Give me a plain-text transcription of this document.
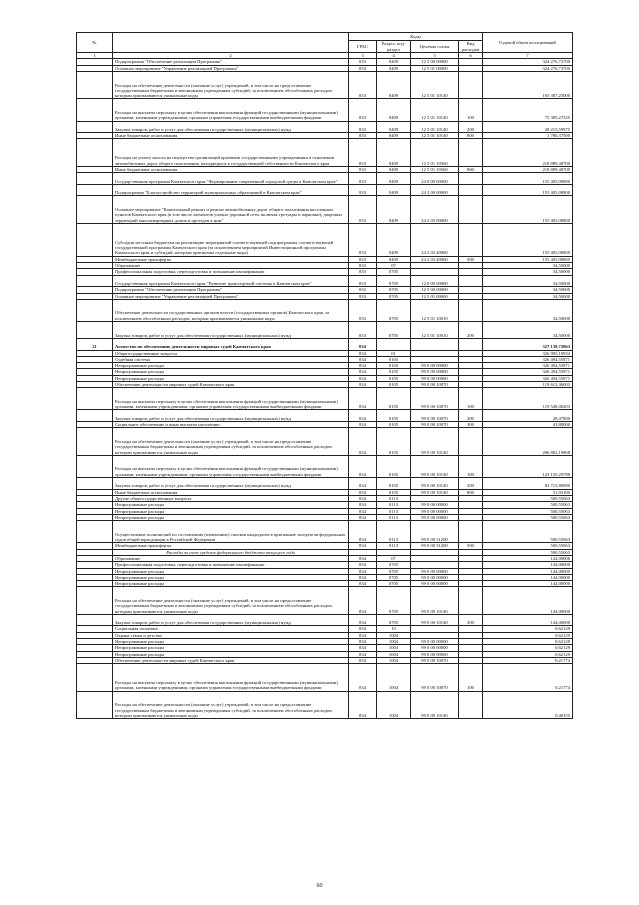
№		Коды				Годовой объем ассигнований
		ГРБС	Раздел, под-раздел	Целевая статья	Вид расходов	
1	2	3	4	5	6	7
	Подпрограмма "Обеспечение реализации Программы"	833	0409	12 5 00 00000		324 276,73700
	Основное мероприятие "Управление реализацией Программы"	833	0409	12 5 01 00000		324 276,73700
	Расходы на обеспечение деятельности (оказание услуг) учреждений, в том числе на предоставление государственным бюджетным и автономным учреждениям субсидий, за исключением обособленных расходов, которым присваиваются уникальные коды	833	0409	12 5 01 10140		105 387,25000
	Расходы на выплаты персоналу в целях обеспечения выполнения функций государственными (муниципальными) органами, казенными учреждениями, органами управления государственными внебюджетными фондами	833	0409	12 5 01 10140	100	75 385,27525
	Закупка товаров, работ и услуг для обеспечения государственных (муниципальных) нужд	833	0409	12 5 01 10140	200	28 215,59975
	Иные бюджетные ассигнования	833	0409	12 5 01 10140	800	1 786,37500
	Расходы на уплату налога на имущество организаций краевыми государственными учреждениями в отношении автомобильных дорог общего пользования, находящихся в государственной собственности Камчатского края	833	0409	12 5 01 10560		218 889,48700
	Иные бюджетные ассигнования	833	0409	12 5 01 10560	800	218 889,48700
	Государственная программа Камчатского края "Формирование современной городской среды в Камчатском крае"	833	0409	24 0 00 00000		155 405,08800
	Подпрограмма "Благоустройство территорий муниципальных образований в Камчатском крае"	833	0409	24 2 00 00000		155 405,08800
	Основное мероприятие "Капитальный ремонт и ремонт автомобильных дорог общего пользования населенных пунктов Камчатского края (в том числе элементов улично-дорожной сети, включая тротуары и парковки), дворовых территорий многоквартирных домов и проездов к ним"	833	0409	24 2 03 00000		155 405,08800
	Субсидии местным бюджетам на реализацию мероприятий соответствующей подпрограммы соответствующей государственной программы Камчатского края (за исключением мероприятий Инвестиционной программы Камчатского края и субсидий, которым присвоены отдельные коды)	833	0409	24 2 03 40060		155 405,08800
	Межбюджетные трансферты	833	0409	24 2 03 40060	500	155 405,08800
	Образование	833	07			34,50000
	Профессиональная подготовка, переподготовка и повышение квалификации	833	0705			34,50000
	Государственная программа Камчатского края "Развитие транспортной системы в Камчатском крае"	833	0705	12 0 00 00000		34,50000
	Подпрограмма "Обеспечение реализации Программы"	833	0705	12 5 00 00000		34,50000
	Основное мероприятие "Управление реализацией Программы"	833	0705	12 5 01 00000		34,50000
	Обеспечение деятельности государственных органов власти (государственных органов) Камчатского края, за исключением обособленных расходов, которым присваиваются уникальные коды	833	0705	12 5 01 10010		34,50000
	Закупка товаров, работ и услуг для обеспечения государственных (муниципальных) нужд	833	0705	12 5 01 10010	200	34,50000
21	Агентство по обеспечению деятельности мировых судей Камчатского края	834				327 139,72063
	Общегосударственные вопросы	834	01			326 995,10934
	Судебная система	834	0105			326 494,55871
	Непрограммные расходы	834	0105	99 0 00 00000		326 494,55871
	Непрограммные расходы	834	0105	99 0 00 00000		326 494,55871
	Непрограммные расходы	834	0105	99 0 00 00000		326 494,55871
	Обеспечение деятельности мировых судей Камчатского края	834	0105	99 0 00 10070		119 612,36003
	Расходы на выплаты персоналу в целях обеспечения выполнения функций государственными (муниципальными) органами, казенными учреждениями, органами управления государственными внебюджетными фондами	834	0105	99 0 00 10070	100	119 540,00203
	Закупка товаров, работ и услуг для обеспечения государственных (муниципальных) нужд	834	0105	99 0 00 10070	200	28,47800
	Социальное обеспечение и иные выплаты населению	834	0105	99 0 00 10070	300	43,88000
	Расходы на обеспечение деятельности (оказание услуг) учреждений, в том числе на предоставление государственным бюджетным и автономным учреждениям субсидий, за исключением обособленных расходов, которым присваиваются уникальные коды	834	0105	99 0 00 10140		206 882,19868
	Расходы на выплаты персоналу в целях обеспечения выполнения функций государственными (муниципальными) органами, казенными учреждениями, органами управления государственными внебюджетными фондами	834	0105	99 0 00 10140	100	123 135,29788
	Закупка товаров, работ и услуг для обеспечения государственных (муниципальных) нужд	834	0105	99 0 00 10140	200	83 715,86980
	Иные бюджетные ассигнования	834	0105	99 0 00 10140	800	31,03100
	Другие общегосударственные вопросы	834	0113			500,55063
	Непрограммные расходы	834	0113	99 0 00 00000		500,55063
	Непрограммные расходы	834	0113	99 0 00 00000		500,55063
	Непрограммные расходы	834	0113	99 0 00 00000		500,55063
	Осуществление полномочий по составлению (изменению) списков кандидатов в присяжные заседатели федеральных судов общей юрисдикции в Российской Федерации	834	0113	99 0 00 51200		500,55063
	Межбюджетные трансферты	834	0113	99 0 00 51200	500	500,55063
	Расходы за счет средств федерального бюджета текущего года					500,55063
	Образование	834	07			144,00000
	Профессиональная подготовка, переподготовка и повышение квалификации	834	0705			144,00000
	Непрограммные расходы	834	0705	99 0 00 00000		144,00000
	Непрограммные расходы	834	0705	99 0 00 00000		144,00000
	Непрограммные расходы	834	0705	99 0 00 00000		144,00000
	Расходы на обеспечение деятельности (оказание услуг) учреждений, в том числе на предоставление государственным бюджетным и автономным учреждениям субсидий, за исключением обособленных расходов, которым присваиваются уникальные коды	834	0705	99 0 00 10140		144,00000
	Закупка товаров, работ и услуг для обеспечения государственных (муниципальных) нужд	834	0705	99 0 00 10140	200	144,00000
	Социальная политика	834	10			0,62129
	Охрана семьи и детства	834	1004			0,62129
	Непрограммные расходы	834	1004	99 0 00 00000		0,62129
	Непрограммные расходы	834	1004	99 0 00 00000		0,62129
	Непрограммные расходы	834	1004	99 0 00 00000		0,62129
	Обеспечение деятельности мировых судей Камчатского края	834	1004	99 0 00 10070		0,21774
	Расходы на выплаты персоналу в целях обеспечения выполнения функций государственными (муниципальными) органами, казенными учреждениями, органами управления государственными внебюджетными фондами	834	1004	99 0 00 10070	100	0,21774
	Расходы на обеспечение деятельности (оказание услуг) учреждений, в том числе на предоставление государственным бюджетным и автономным учреждениям субсидий, за исключением обособленных расходов, которым присваиваются уникальные коды	834	1004	99 0 00 10140		0,40355
60
